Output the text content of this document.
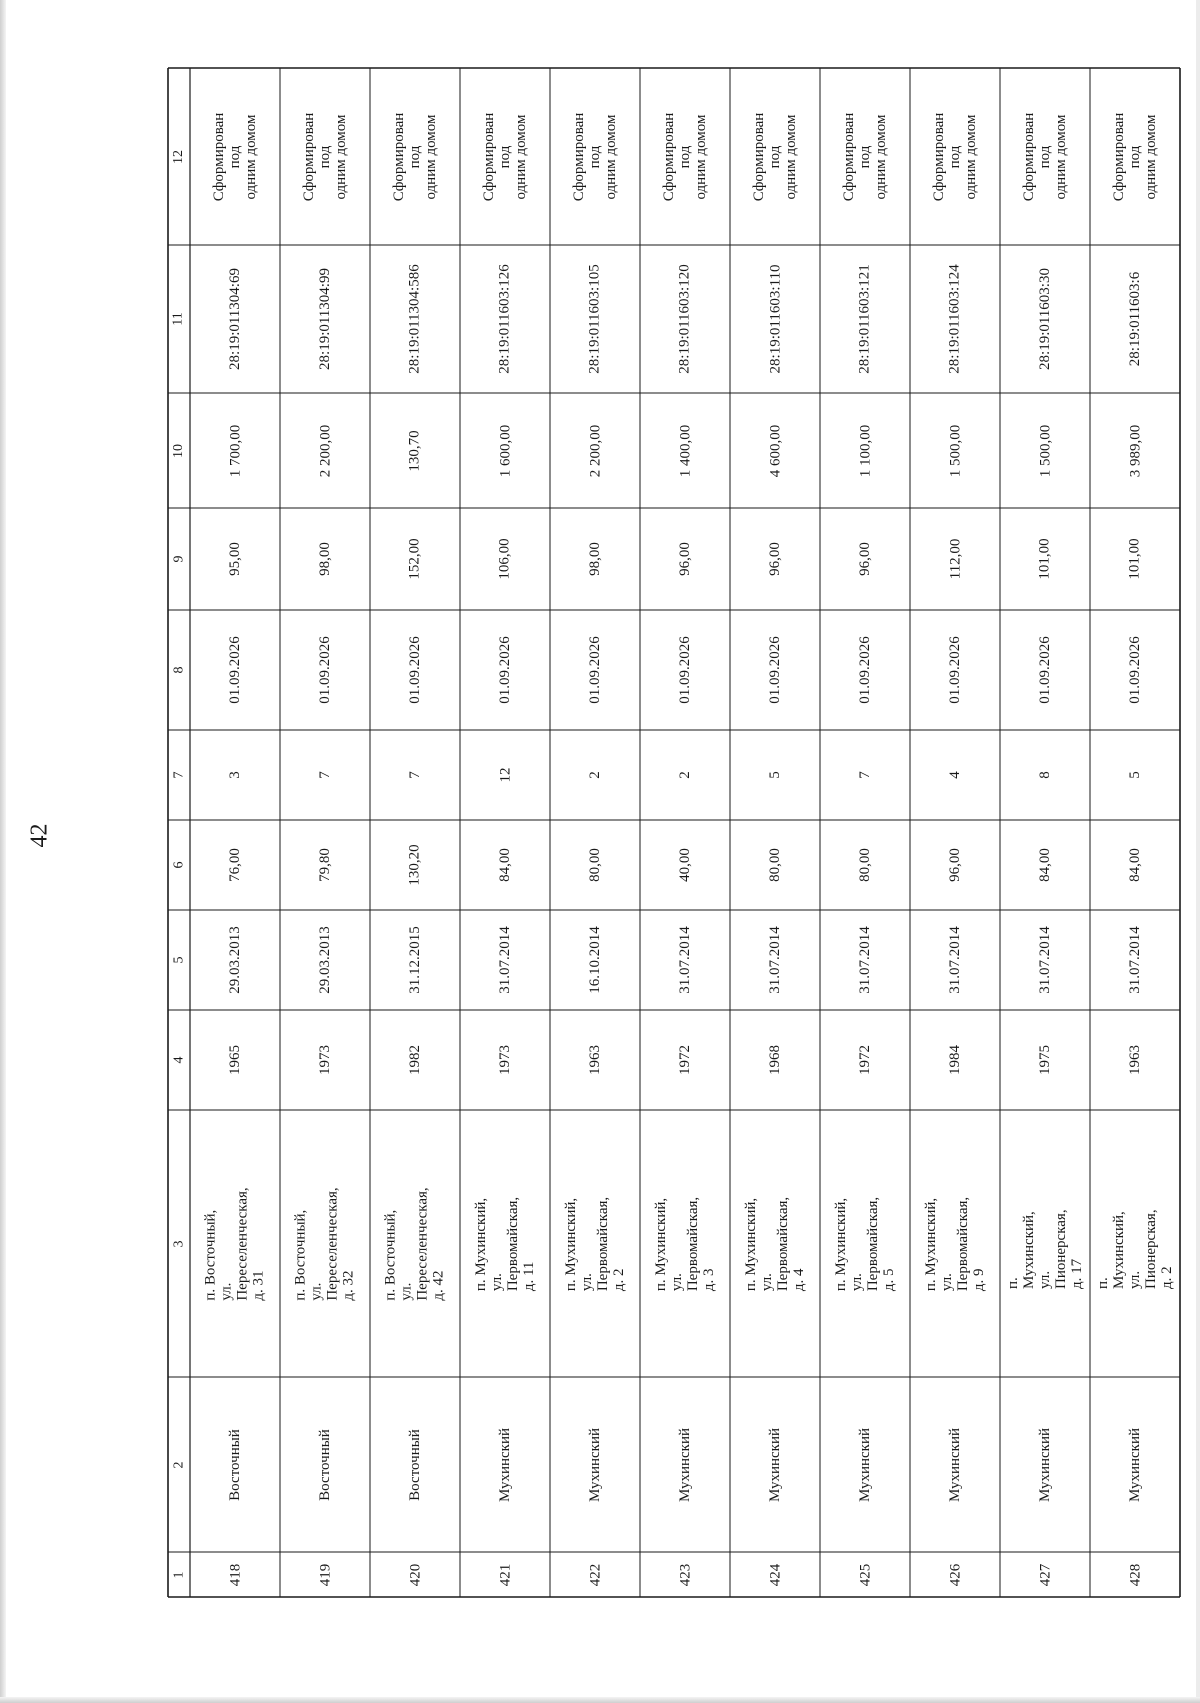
42
1
2
3
4
5
6
7
8
9
10
11
12
418
Восточный
п. Восточный,
ул. Переселенческая,
д. 31
1965
29.03.2013
76,00
3
01.09.2026
95,00
1 700,00
28:19:011304:69
Сформирован под
одним домом
419
Восточный
п. Восточный,
ул. Переселенческая,
д. 32
1973
29.03.2013
79,80
7
01.09.2026
98,00
2 200,00
28:19:011304:99
Сформирован под
одним домом
420
Восточный
п. Восточный,
ул. Переселенческая,
д. 42
1982
31.12.2015
130,20
7
01.09.2026
152,00
130,70
28:19:011304:586
Сформирован под
одним домом
421
Мухинский
п. Мухинский,
ул. Первомайская, д. 11
1973
31.07.2014
84,00
12
01.09.2026
106,00
1 600,00
28:19:011603:126
Сформирован под
одним домом
422
Мухинский
п. Мухинский,
ул. Первомайская, д. 2
1963
16.10.2014
80,00
2
01.09.2026
98,00
2 200,00
28:19:011603:105
Сформирован под
одним домом
423
Мухинский
п. Мухинский,
ул. Первомайская, д. 3
1972
31.07.2014
40,00
2
01.09.2026
96,00
1 400,00
28:19:011603:120
Сформирован под
одним домом
424
Мухинский
п. Мухинский,
ул. Первомайская, д. 4
1968
31.07.2014
80,00
5
01.09.2026
96,00
4 600,00
28:19:011603:110
Сформирован под
одним домом
425
Мухинский
п. Мухинский,
ул. Первомайская, д. 5
1972
31.07.2014
80,00
7
01.09.2026
96,00
1 100,00
28:19:011603:121
Сформирован под
одним домом
426
Мухинский
п. Мухинский,
ул. Первомайская, д. 9
1984
31.07.2014
96,00
4
01.09.2026
112,00
1 500,00
28:19:011603:124
Сформирован под
одним домом
427
Мухинский
п. Мухинский,
ул. Пионерская, д. 17
1975
31.07.2014
84,00
8
01.09.2026
101,00
1 500,00
28:19:011603:30
Сформирован под
одним домом
428
Мухинский
п. Мухинский,
ул. Пионерская, д. 2
1963
31.07.2014
84,00
5
01.09.2026
101,00
3 989,00
28:19:011603:6
Сформирован под
одним домом
